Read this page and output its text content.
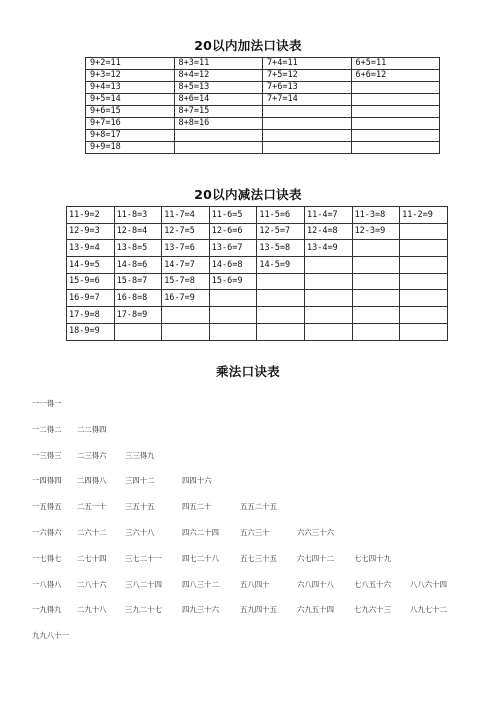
20以内加法口诀表
9+2=11	8+3=11	7+4=11	6+5=11
9+3=12	8+4=12	7+5=12	6+6=12
9+4=13	8+5=13	7+6=13	
9+5=14	8+6=14	7+7=14	
9+6=15	8+7=15		
9+7=16	8+8=16		
9+8=17			
9+9=18			
20以内减法口诀表
11-9=2	11-8=3	11-7=4	11-6=5	11-5=6	11-4=7	11-3=8	11-2=9
12-9=3	12-8=4	12-7=5	12-6=6	12-5=7	12-4=8	12-3=9	
13-9=4	13-8=5	13-7=6	13-6=7	13-5=8	13-4=9		
14-9=5	14-8=6	14-7=7	14-6=8	14-5=9			
15-9=6	15-8=7	15-7=8	15-6=9				
16-9=7	16-8=8	16-7=9					
17-9=8	17-8=9						
18-9=9							
乘法口诀表
一一得一
一二得二 二二得四
一三得三 二三得六 三三得九
一四得四 二四得八 三四十二	四四十六
一五得五 二五一十 三五十五	四五二十	五五二十五
一六得六 二六十二 三六十八	四六二十四	五六三十	六六三十六
一七得七 二七十四 三七二十一	四七二十八	五七三十五	六七四十二	七七四十九
一八得八 二八十六 三八二十四	四八三十二	五八四十	六八四十八	七八五十六	八八六十四
一九得九 二九十八 三九二十七	四九三十六	五九四十五	六九五十四	七九六十三	八九七十二
九九八十一
